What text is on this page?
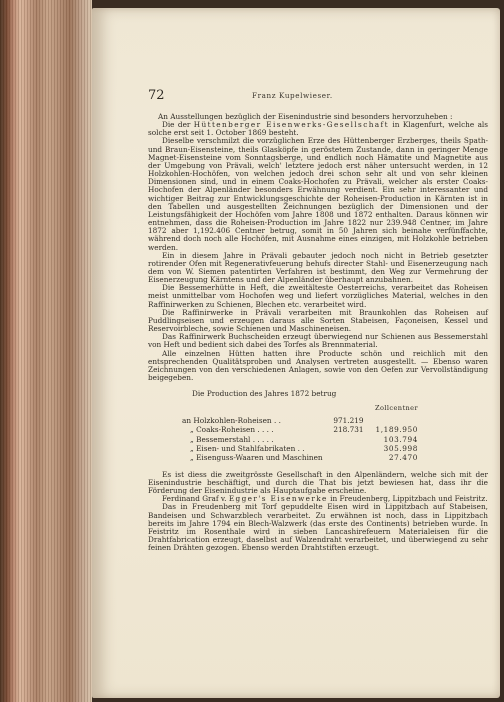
72	Franz Kupelwieser.

An Ausstellungen bezüglich der Eisenindustrie sind besonders hervorzuheben :

Die der Hüttenberger Eisenwerks-Gesellschaft in Klagenfurt, welche als solche erst seit 1. October 1869 besteht.

Dieselbe verschmilzt die vorzüglichen Erze des Hüttenberger Erzberges, theils Spath- und Braun-Eisensteine, theils Glasköpfe in geröstetem Zustande, dann in geringer Menge Magnet-Eisensteine vom Sonntagsberge, und endlich noch Hämatite und Magnetite aus der Umgebung von Prävali, welch' letztere jedoch erst näher untersucht werden, in 12 Holzkohlen-Hochöfen, von welchen jedoch drei schon sehr alt und von sehr kleinen Dimensionen sind, und in einem Coaks-Hochofen zu Prävali, welcher als erster Coaks-Hochofen der Alpenländer besonders Erwähnung verdient. Ein sehr interessanter und wichtiger Beitrag zur Entwicklungsgeschichte der Roheisen-Production in Kärnten ist in den Tabellen und ausgestellten Zeichnungen bezüglich der Dimensionen und der Leistungsfähigkeit der Hochöfen vom Jahre 1808 und 1872 enthalten. Daraus können wir entnehmen, dass die Roheisen-Production im Jahre 1822 nur 239.948 Centner, im Jahre 1872 aber 1,192.406 Centner betrug, somit in 50 Jahren sich beinahe verfünffachte, während doch noch alle Hochöfen, mit Ausnahme eines einzigen, mit Holzkohle betrieben werden.

Ein in diesem Jahre in Prävali gebauter jedoch noch nicht in Betrieb gesetzter rotirender Ofen mit Regenerativfeuerung behufs directer Stahl- und Eisenerzeugung nach dem von W. Siemen patentirten Verfahren ist bestimmt, den Weg zur Vermehrung der Eisenerzeugung Kärntens und der Alpenländer überhaupt anzubahnen.

Die Bessemerhütte in Heft, die zweitälteste Oesterreichs, verarbeitet das Roheisen meist unmittelbar vom Hochofen weg und liefert vorzügliches Material, welches in den Raffinirwerken zu Schienen, Blechen etc. verarbeitet wird.

Die Raffinirwerke in Prävali verarbeiten mit Braunkohlen das Roheisen auf Puddlingseisen und erzeugen daraus alle Sorten Stabeisen, Façoneisen, Kessel und Reservoirbleche, sowie Schienen und Maschineneisen.

Das Raffinirwerk Buchscheiden erzeugt überwiegend nur Schienen aus Bessemerstahl von Heft und bedient sich dabei des Torfes als Brennmaterial.

Alle einzelnen Hütten hatten ihre Producte schön und reichlich mit den entsprechenden Qualitätsproben und Analysen vertreten ausgestellt. — Ebenso waren Zeichnungen von den verschiedenen Anlagen, sowie von den Oefen zur Vervollständigung beigegeben.

Die Production des Jahres 1872 betrug

		Zollcentner
an Holzkohlen-Roheisen . .	971.219	
„ Coaks-Roheisen . . . .	218.731	1,189.950
„ Bessemerstahl . . . . .		103.794
„ Eisen- und Stahlfabrikaten . .		305.998
„ Eisenguss-Waaren und Maschinen		27.470

Es ist diess die zweitgrösste Gesellschaft in den Alpenländern, welche sich mit der Eisenindustrie beschäftigt, und durch die That bis jetzt bewiesen hat, dass ihr die Förderung der Eisenindustrie als Hauptaufgabe erscheine.

Ferdinand Graf v. Egger's Eisenwerke in Freudenberg, Lippitzbach und Feistritz.

Das in Freudenberg mit Torf gepuddelte Eisen wird in Lippitzbach auf Stabeisen, Bandeisen und Schwarzblech verarbeitet. Zu erwähnen ist noch, dass in Lippitzbach bereits im Jahre 1794 ein Blech-Walzwerk (das erste des Continents) betrieben wurde. In Feistritz im Rosenthale wird in sieben Lancashirefeuern Materialeisen für die Drahtfabrication erzeugt, daselbst auf Walzendraht verarbeitet, und überwiegend zu sehr feinen Drähten gezogen. Ebenso werden Drahtstiften erzeugt.
